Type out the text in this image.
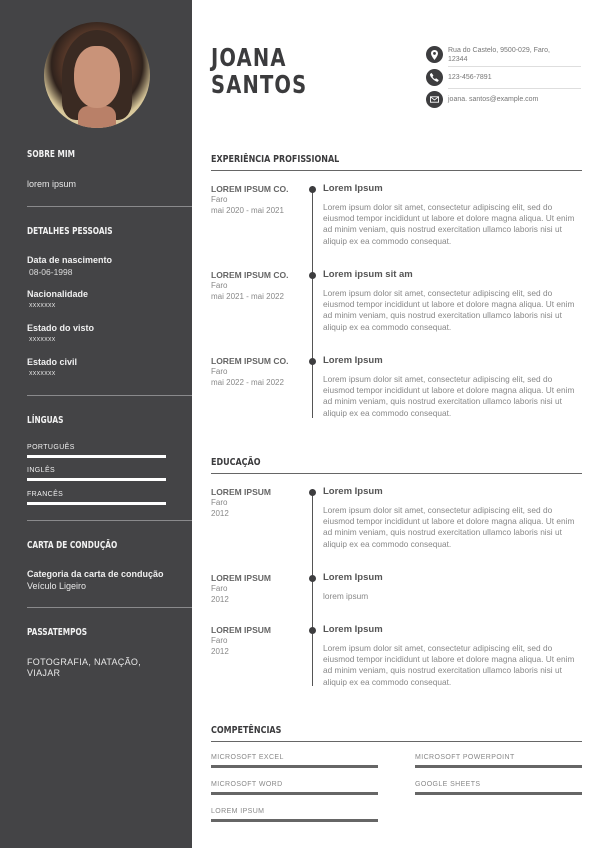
SOBRE MIM
lorem ipsum
DETALHES PESSOAIS
Data de nascimento
08-06-1998
Nacionalidade
xxxxxxx
Estado do visto
xxxxxxx
Estado civil
xxxxxxx
LÍNGUAS
PORTUGUÊS
INGLÊS
FRANCÊS
CARTA DE CONDUÇÃO
Categoria da carta de condução
Veículo Ligeiro
PASSATEMPOS
FOTOGRAFIA, NATAÇÃO,
VIAJAR
JOANA
SANTOS
Rua do Castelo, 9500-029, Faro, 12344
123-456-7891
joana. santos@example.com
EXPERIÊNCIA PROFISSIONAL
LOREM IPSUM CO.
Faro
mai 2020 - mai 2021
Lorem Ipsum
Lorem ipsum dolor sit amet, consectetur adipiscing elit, sed do eiusmod tempor incididunt ut labore et dolore magna aliqua. Ut enim ad minim veniam, quis nostrud exercitation ullamco laboris nisi ut aliquip ex ea commodo consequat.
LOREM IPSUM CO.
Faro
mai 2021 - mai 2022
Lorem ipsum sit am
Lorem ipsum dolor sit amet, consectetur adipiscing elit, sed do eiusmod tempor incididunt ut labore et dolore magna aliqua. Ut enim ad minim veniam, quis nostrud exercitation ullamco laboris nisi ut aliquip ex ea commodo consequat.
LOREM IPSUM CO.
Faro
mai 2022 - mai 2022
Lorem Ipsum
Lorem ipsum dolor sit amet, consectetur adipiscing elit, sed do eiusmod tempor incididunt ut labore et dolore magna aliqua. Ut enim ad minim veniam, quis nostrud exercitation ullamco laboris nisi ut aliquip ex ea commodo consequat.
EDUCAÇÃO
LOREM IPSUM
Faro
2012
Lorem Ipsum
Lorem ipsum dolor sit amet, consectetur adipiscing elit, sed do eiusmod tempor incididunt ut labore et dolore magna aliqua. Ut enim ad minim veniam, quis nostrud exercitation ullamco laboris nisi ut aliquip ex ea commodo consequat.
LOREM IPSUM
Faro
2012
Lorem Ipsum
lorem ipsum
LOREM IPSUM
Faro
2012
Lorem Ipsum
Lorem ipsum dolor sit amet, consectetur adipiscing elit, sed do eiusmod tempor incididunt ut labore et dolore magna aliqua. Ut enim ad minim veniam, quis nostrud exercitation ullamco laboris nisi ut aliquip ex ea commodo consequat.
COMPETÊNCIAS
MICROSOFT EXCEL	MICROSOFT POWERPOINT
MICROSOFT WORD	GOOGLE SHEETS
LOREM IPSUM
